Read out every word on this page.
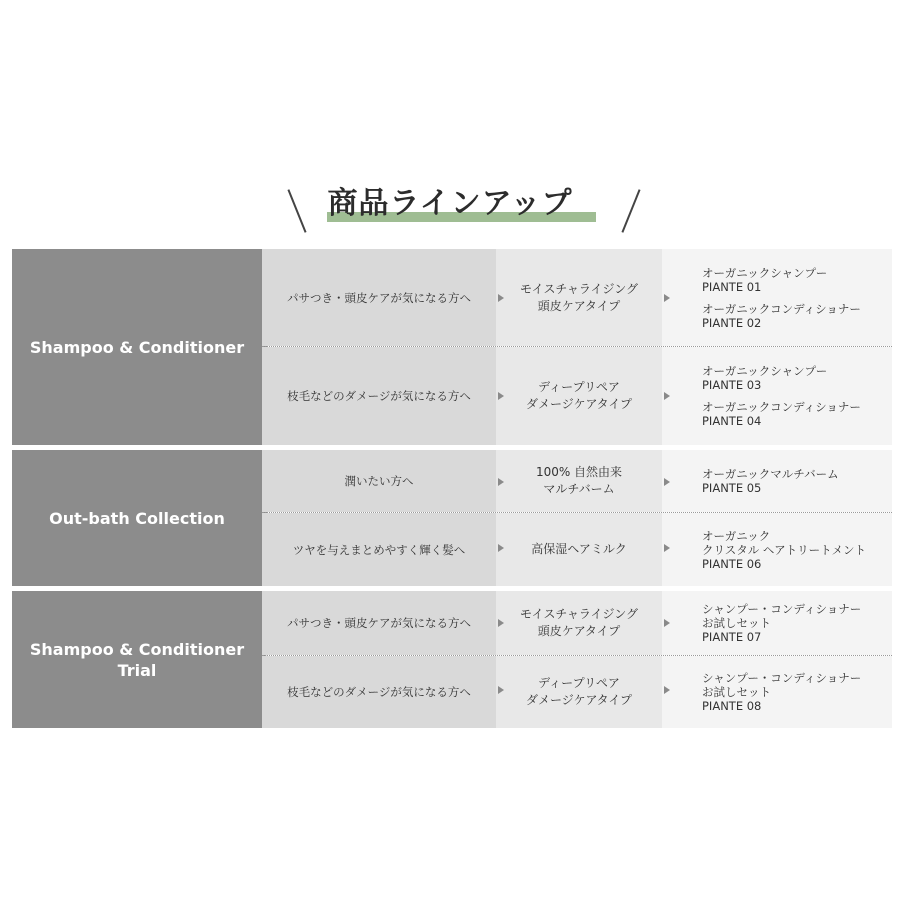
商品ラインアップ
Shampoo & Conditioner
パサつき・頭皮ケアが気になる方へ
モイスチャライジング
頭皮ケアタイプ
オーガニックシャンプー
PIANTE 01
オーガニックコンディショナー
PIANTE 02
枝毛などのダメージが気になる方へ
ディープリペア
ダメージケアタイプ
オーガニックシャンプー
PIANTE 03
オーガニックコンディショナー
PIANTE 04
Out-bath Collection
潤いたい方へ
100% 自然由来
マルチバーム
オーガニックマルチバーム
PIANTE 05
ツヤを与えまとめやすく輝く髪へ	高保湿ヘアミルク
オーガニック
クリスタル ヘアトリートメント
PIANTE 06
Shampoo & Conditioner
Trial
パサつき・頭皮ケアが気になる方へ
モイスチャライジング
頭皮ケアタイプ
シャンプー・コンディショナー
お試しセット
PIANTE 07
枝毛などのダメージが気になる方へ
ディープリペア
ダメージケアタイプ
シャンプー・コンディショナー
お試しセット
PIANTE 08
